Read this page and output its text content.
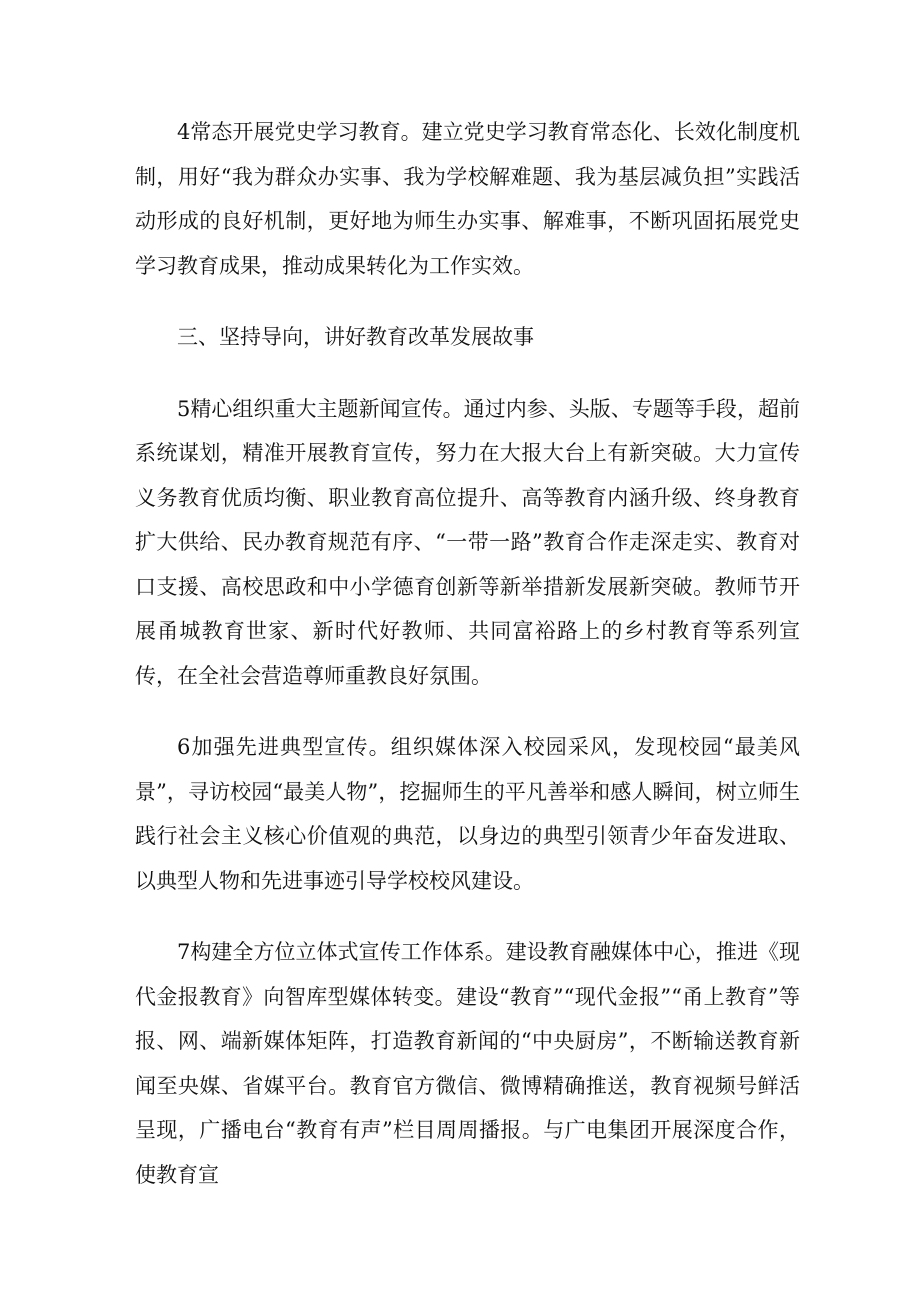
4常态开展党史学习教育。建立党史学习教育常态化、长效化制度机制，用好“我为群众办实事、我为学校解难题、我为基层减负担”实践活动形成的良好机制，更好地为师生办实事、解难事，不断巩固拓展党史学习教育成果，推动成果转化为工作实效。

三、坚持导向，讲好教育改革发展故事

5精心组织重大主题新闻宣传。通过内参、头版、专题等手段，超前系统谋划，精准开展教育宣传，努力在大报大台上有新突破。大力宣传义务教育优质均衡、职业教育高位提升、高等教育内涵升级、终身教育扩大供给、民办教育规范有序、“一带一路”教育合作走深走实、教育对口支援、高校思政和中小学德育创新等新举措新发展新突破。教师节开展甬城教育世家、新时代好教师、共同富裕路上的乡村教育等系列宣传，在全社会营造尊师重教良好氛围。

6加强先进典型宣传。组织媒体深入校园采风，发现校园“最美风景”，寻访校园“最美人物”，挖掘师生的平凡善举和感人瞬间，树立师生践行社会主义核心价值观的典范，以身边的典型引领青少年奋发进取、以典型人物和先进事迹引导学校校风建设。

7构建全方位立体式宣传工作体系。建设教育融媒体中心，推进《现代金报教育》向智库型媒体转变。建设“教育”“现代金报”“甬上教育”等报、网、端新媒体矩阵，打造教育新闻的“中央厨房”，不断输送教育新闻至央媒、省媒平台。教育官方微信、微博精确推送，教育视频号鲜活呈现，广播电台“教育有声”栏目周周播报。与广电集团开展深度合作，使教育宣
